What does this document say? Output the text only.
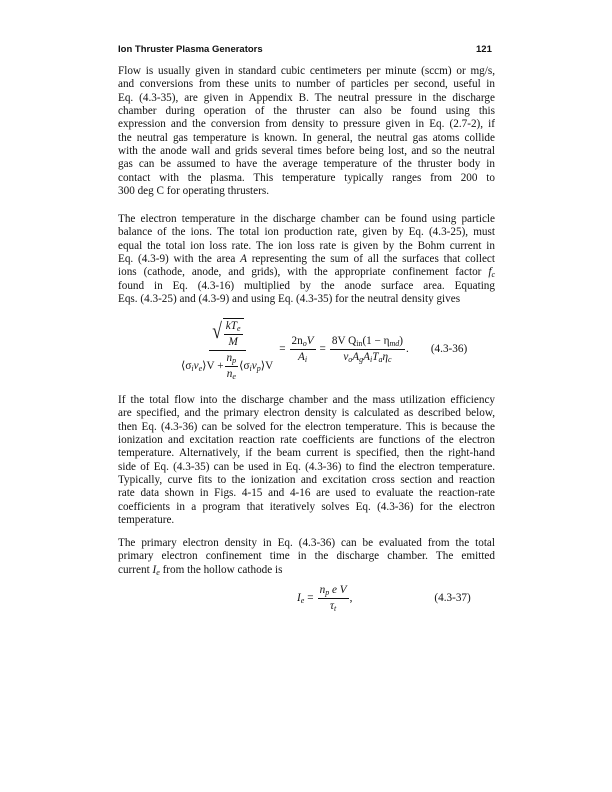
Ion Thruster Plasma Generators	121
Flow is usually given in standard cubic centimeters per minute (sccm) or mg/s,
and conversions from these units to number of particles per second, useful in
Eq. (4.3-35), are given in Appendix B. The neutral pressure in the discharge
chamber during operation of the thruster can also be found using this
expression and the conversion from density to pressure given in Eq. (2.7-2), if
the neutral gas temperature is known. In general, the neutral gas atoms collide
with the anode wall and grids several times before being lost, and so the neutral
gas can be assumed to have the average temperature of the thruster body in
contact with the plasma. This temperature typically ranges from 200 to
300 deg C for operating thrusters.
The electron temperature in the discharge chamber can be found using particle
balance of the ions. The total ion production rate, given by Eq. (4.3-25), must
equal the total ion loss rate. The ion loss rate is given by the Bohm current in
Eq. (4.3-9) with the area A representing the sum of all the surfaces that collect
ions (cathode, anode, and grids), with the appropriate confinement factor $f_c$
found in Eq. (4.3-16) multiplied by the anode surface area. Equating
Eqs. (4.3-25) and (4.3-9) and using Eq. (4.3-35) for the neutral density gives
$\frac{√ \frac{kT_e}{M}}{⟨\sigma_iv_e⟩V + \frac{n_p}{n_e} ⟨\sigma_iv_p⟩V} = \frac{2n_oV}{A_i} = \frac{8V Q_{in}(1 - \eta_{md})}{v_oA_gA_iT_a\eta_c}$ . (4.3-36)
If the total flow into the discharge chamber and the mass utilization efficiency
are specified, and the primary electron density is calculated as described below,
then Eq. (4.3-36) can be solved for the electron temperature. This is because the
ionization and excitation reaction rate coefficients are functions of the electron
temperature. Alternatively, if the beam current is specified, then the right-hand
side of Eq. (4.3-35) can be used in Eq. (4.3-36) to find the electron temperature.
Typically, curve fits to the ionization and excitation cross section and reaction
rate data shown in Figs. 4-15 and 4-16 are used to evaluate the reaction-rate
coefficients in a program that iteratively solves Eq. (4.3-36) for the electron
temperature.
The primary electron density in Eq. (4.3-36) can be evaluated from the total
primary electron confinement time in the discharge chamber. The emitted
current $I_e$ from the hollow cathode is
$I_e = \frac{n_p e V}{\tau_t}$ ,	(4.3-37)
